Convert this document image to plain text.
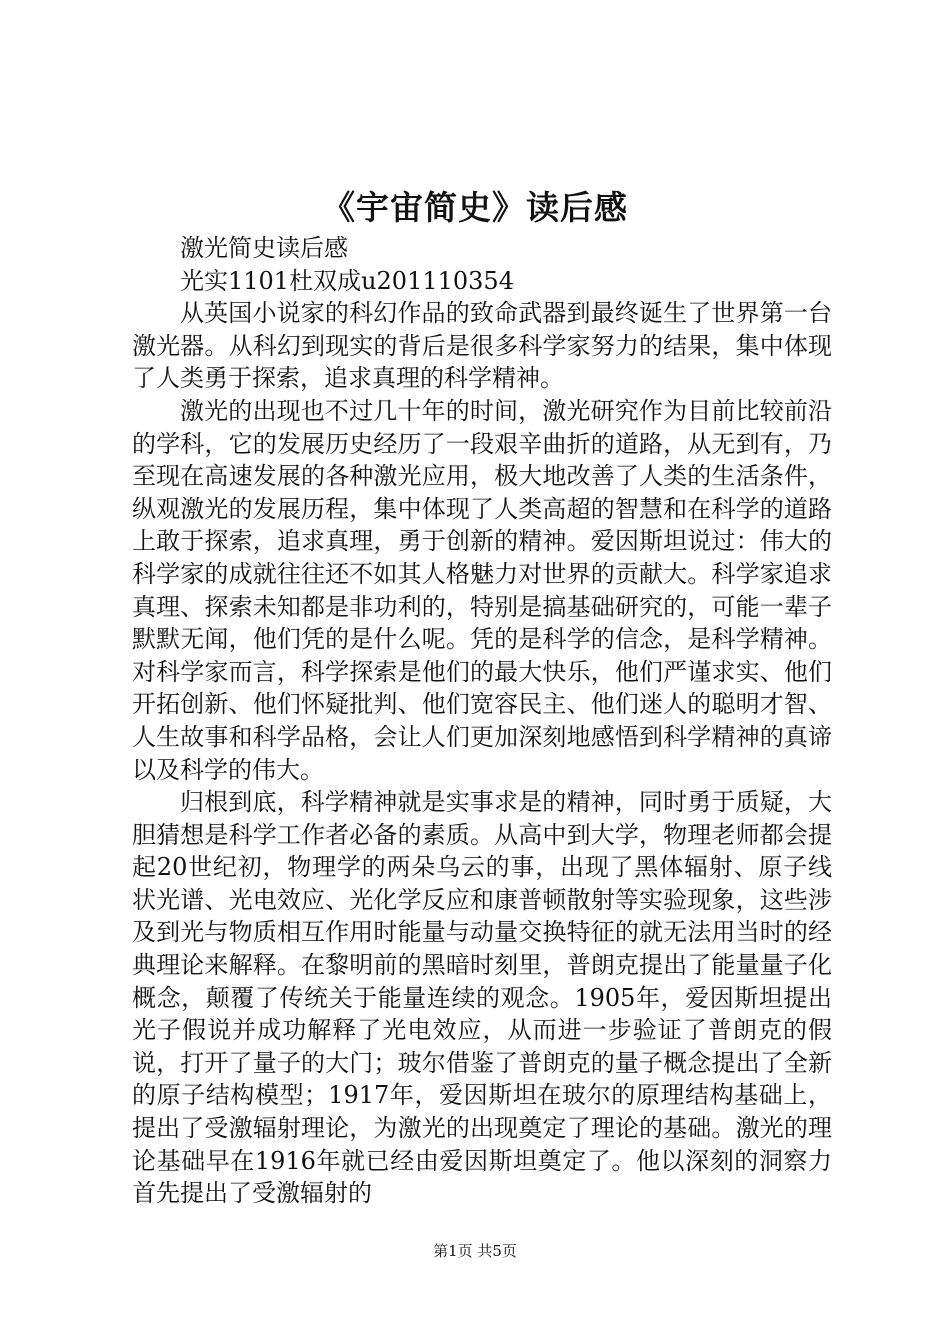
《宇宙简史》读后感

激光简史读后感

光实1101杜双成u201110354

从英国小说家的科幻作品的致命武器到最终诞生了世界第一台激光器。从科幻到现实的背后是很多科学家努力的结果，集中体现了人类勇于探索，追求真理的科学精神。

激光的出现也不过几十年的时间，激光研究作为目前比较前沿的学科，它的发展历史经历了一段艰辛曲折的道路，从无到有，乃至现在高速发展的各种激光应用，极大地改善了人类的生活条件，纵观激光的发展历程，集中体现了人类高超的智慧和在科学的道路上敢于探索，追求真理，勇于创新的精神。爱因斯坦说过：伟大的科学家的成就往往还不如其人格魅力对世界的贡献大。科学家追求真理、探索未知都是非功利的，特别是搞基础研究的，可能一辈子默默无闻，他们凭的是什么呢。凭的是科学的信念，是科学精神。对科学家而言，科学探索是他们的最大快乐，他们严谨求实、他们开拓创新、他们怀疑批判、他们宽容民主、他们迷人的聪明才智、人生故事和科学品格，会让人们更加深刻地感悟到科学精神的真谛以及科学的伟大。

归根到底，科学精神就是实事求是的精神，同时勇于质疑，大胆猜想是科学工作者必备的素质。从高中到大学，物理老师都会提起20世纪初，物理学的两朵乌云的事，出现了黑体辐射、原子线状光谱、光电效应、光化学反应和康普顿散射等实验现象，这些涉及到光与物质相互作用时能量与动量交换特征的就无法用当时的经典理论来解释。在黎明前的黑暗时刻里，普朗克提出了能量量子化概念，颠覆了传统关于能量连续的观念。1905年，爱因斯坦提出光子假说并成功解释了光电效应，从而进一步验证了普朗克的假说，打开了量子的大门；玻尔借鉴了普朗克的量子概念提出了全新的原子结构模型；1917年，爱因斯坦在玻尔的原理结构基础上，提出了受激辐射理论，为激光的出现奠定了理论的基础。激光的理论基础早在1916年就已经由爱因斯坦奠定了。他以深刻的洞察力首先提出了受激辐射的

第1页 共5页
